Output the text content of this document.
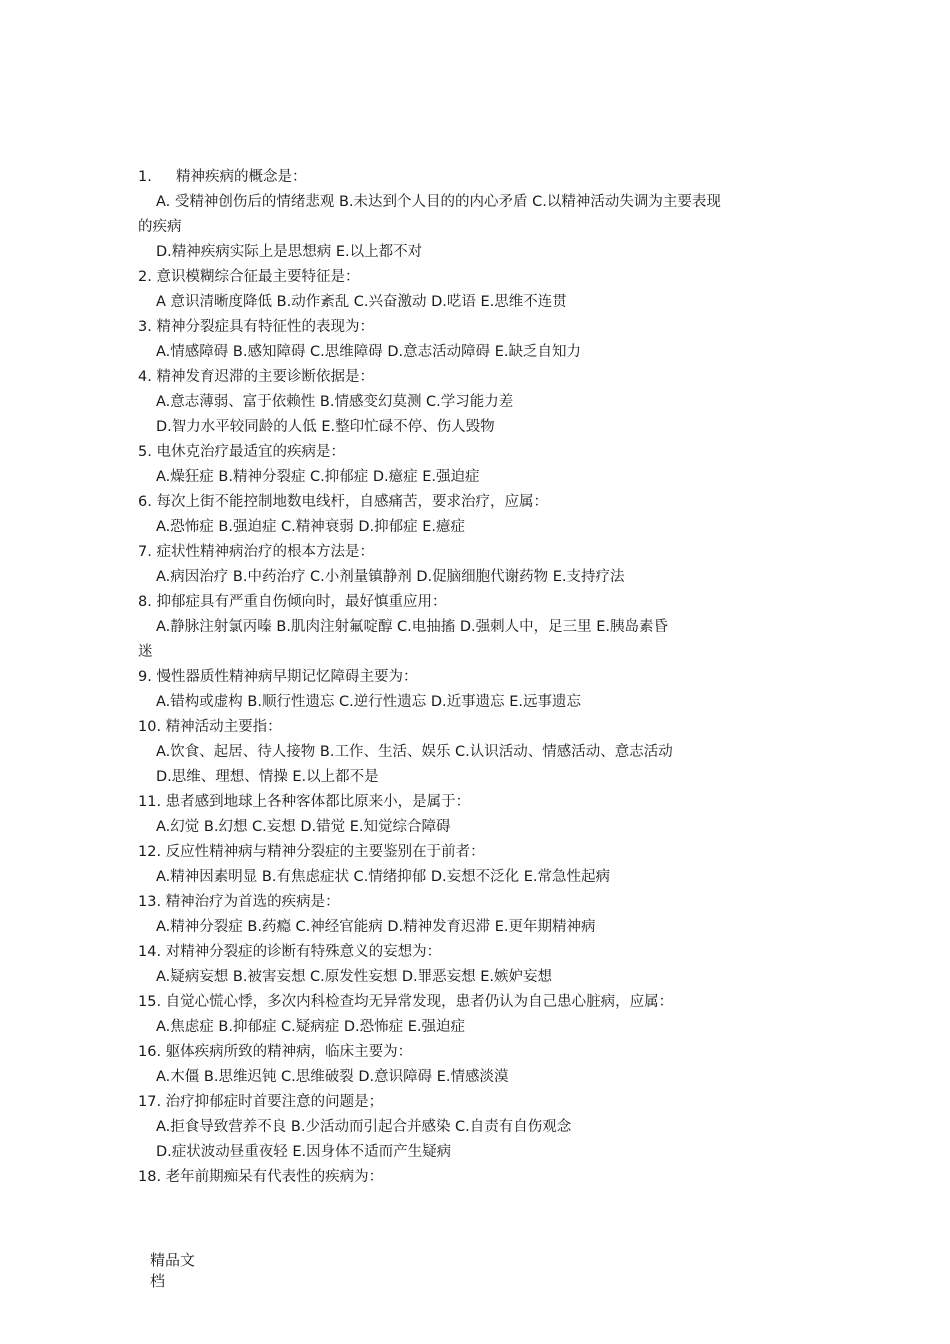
1. 精神疾病的概念是：
A. 受精神创伤后的情绪悲观 B.未达到个人目的的内心矛盾 C.以精神活动失调为主要表现
的疾病
D.精神疾病实际上是思想病 E.以上都不对
2. 意识模糊综合征最主要特征是：
A 意识清晰度降低 B.动作紊乱 C.兴奋激动 D.呓语 E.思维不连贯
3. 精神分裂症具有特征性的表现为：
A.情感障碍 B.感知障碍 C.思维障碍 D.意志活动障碍 E.缺乏自知力
4. 精神发育迟滞的主要诊断依据是：
A.意志薄弱、富于依赖性 B.情感变幻莫测 C.学习能力差
D.智力水平较同龄的人低 E.整印忙碌不停、伤人毁物
5. 电休克治疗最适宜的疾病是：
A.燥狂症 B.精神分裂症 C.抑郁症 D.癔症 E.强迫症
6. 每次上街不能控制地数电线杆，自感痛苦，要求治疗，应属：
A.恐怖症 B.强迫症 C.精神衰弱 D.抑郁症 E.癔症
7. 症状性精神病治疗的根本方法是：
A.病因治疗 B.中药治疗 C.小剂量镇静剂 D.促脑细胞代谢药物 E.支持疗法
8. 抑郁症具有严重自伤倾向时，最好慎重应用：
A.静脉注射氯丙嗪 B.肌肉注射氟啶醇 C.电抽搐 D.强刺人中，足三里 E.胰岛素昏
迷
9. 慢性器质性精神病早期记忆障碍主要为：
A.错构或虚构 B.顺行性遗忘 C.逆行性遗忘 D.近事遗忘 E.远事遗忘
10. 精神活动主要指：
A.饮食、起居、待人接物 B.工作、生活、娱乐 C.认识活动、情感活动、意志活动
D.思维、理想、情操 E.以上都不是
11. 患者感到地球上各种客体都比原来小，是属于：
A.幻觉 B.幻想 C.妄想 D.错觉 E.知觉综合障碍
12. 反应性精神病与精神分裂症的主要鉴别在于前者：
A.精神因素明显 B.有焦虑症状 C.情绪抑郁 D.妄想不泛化 E.常急性起病
13. 精神治疗为首选的疾病是：
A.精神分裂症 B.药瘾 C.神经官能病 D.精神发育迟滞 E.更年期精神病
14. 对精神分裂症的诊断有特殊意义的妄想为：
A.疑病妄想 B.被害妄想 C.原发性妄想 D.罪恶妄想 E.嫉妒妄想
15. 自觉心慌心悸，多次内科检查均无异常发现，患者仍认为自己患心脏病，应属：
A.焦虑症 B.抑郁症 C.疑病症 D.恐怖症 E.强迫症
16. 躯体疾病所致的精神病，临床主要为：
A.木僵 B.思维迟钝 C.思维破裂 D.意识障碍 E.情感淡漠
17. 治疗抑郁症时首要注意的问题是；
A.拒食导致营养不良 B.少活动而引起合并感染 C.自责有自伤观念
D.症状波动昼重夜轻 E.因身体不适而产生疑病
18. 老年前期痴呆有代表性的疾病为：
精品文
档
